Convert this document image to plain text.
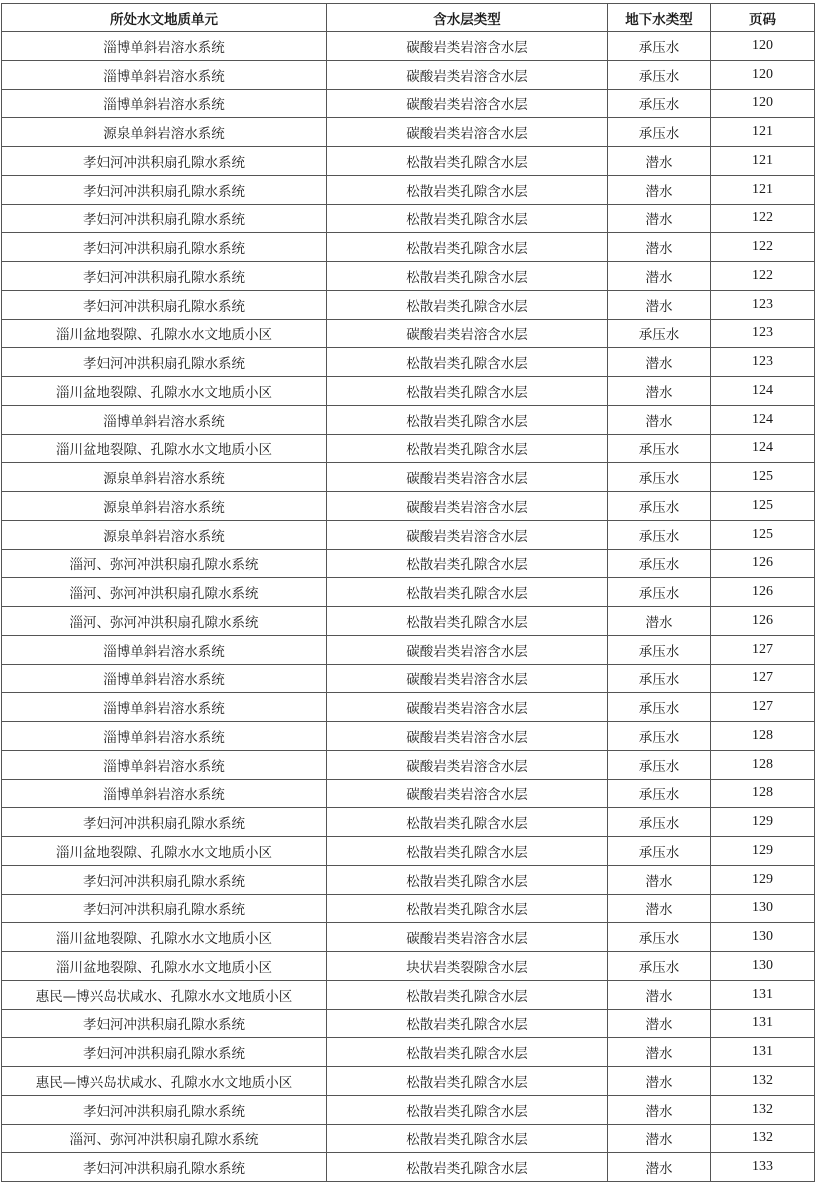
所处水文地质单元	含水层类型	地下水类型	页码
淄博单斜岩溶水系统	碳酸岩类岩溶含水层	承压水	120
淄博单斜岩溶水系统	碳酸岩类岩溶含水层	承压水	120
淄博单斜岩溶水系统	碳酸岩类岩溶含水层	承压水	120
源泉单斜岩溶水系统	碳酸岩类岩溶含水层	承压水	121
孝妇河冲洪积扇孔隙水系统	松散岩类孔隙含水层	潜水	121
孝妇河冲洪积扇孔隙水系统	松散岩类孔隙含水层	潜水	121
孝妇河冲洪积扇孔隙水系统	松散岩类孔隙含水层	潜水	122
孝妇河冲洪积扇孔隙水系统	松散岩类孔隙含水层	潜水	122
孝妇河冲洪积扇孔隙水系统	松散岩类孔隙含水层	潜水	122
孝妇河冲洪积扇孔隙水系统	松散岩类孔隙含水层	潜水	123
淄川盆地裂隙、孔隙水水文地质小区	碳酸岩类岩溶含水层	承压水	123
孝妇河冲洪积扇孔隙水系统	松散岩类孔隙含水层	潜水	123
淄川盆地裂隙、孔隙水水文地质小区	松散岩类孔隙含水层	潜水	124
淄博单斜岩溶水系统	松散岩类孔隙含水层	潜水	124
淄川盆地裂隙、孔隙水水文地质小区	松散岩类孔隙含水层	承压水	124
源泉单斜岩溶水系统	碳酸岩类岩溶含水层	承压水	125
源泉单斜岩溶水系统	碳酸岩类岩溶含水层	承压水	125
源泉单斜岩溶水系统	碳酸岩类岩溶含水层	承压水	125
淄河、弥河冲洪积扇孔隙水系统	松散岩类孔隙含水层	承压水	126
淄河、弥河冲洪积扇孔隙水系统	松散岩类孔隙含水层	承压水	126
淄河、弥河冲洪积扇孔隙水系统	松散岩类孔隙含水层	潜水	126
淄博单斜岩溶水系统	碳酸岩类岩溶含水层	承压水	127
淄博单斜岩溶水系统	碳酸岩类岩溶含水层	承压水	127
淄博单斜岩溶水系统	碳酸岩类岩溶含水层	承压水	127
淄博单斜岩溶水系统	碳酸岩类岩溶含水层	承压水	128
淄博单斜岩溶水系统	碳酸岩类岩溶含水层	承压水	128
淄博单斜岩溶水系统	碳酸岩类岩溶含水层	承压水	128
孝妇河冲洪积扇孔隙水系统	松散岩类孔隙含水层	承压水	129
淄川盆地裂隙、孔隙水水文地质小区	松散岩类孔隙含水层	承压水	129
孝妇河冲洪积扇孔隙水系统	松散岩类孔隙含水层	潜水	129
孝妇河冲洪积扇孔隙水系统	松散岩类孔隙含水层	潜水	130
淄川盆地裂隙、孔隙水水文地质小区	碳酸岩类岩溶含水层	承压水	130
淄川盆地裂隙、孔隙水水文地质小区	块状岩类裂隙含水层	承压水	130
惠民—博兴岛状咸水、孔隙水水文地质小区	松散岩类孔隙含水层	潜水	131
孝妇河冲洪积扇孔隙水系统	松散岩类孔隙含水层	潜水	131
孝妇河冲洪积扇孔隙水系统	松散岩类孔隙含水层	潜水	131
惠民—博兴岛状咸水、孔隙水水文地质小区	松散岩类孔隙含水层	潜水	132
孝妇河冲洪积扇孔隙水系统	松散岩类孔隙含水层	潜水	132
淄河、弥河冲洪积扇孔隙水系统	松散岩类孔隙含水层	潜水	132
孝妇河冲洪积扇孔隙水系统	松散岩类孔隙含水层	潜水	133
